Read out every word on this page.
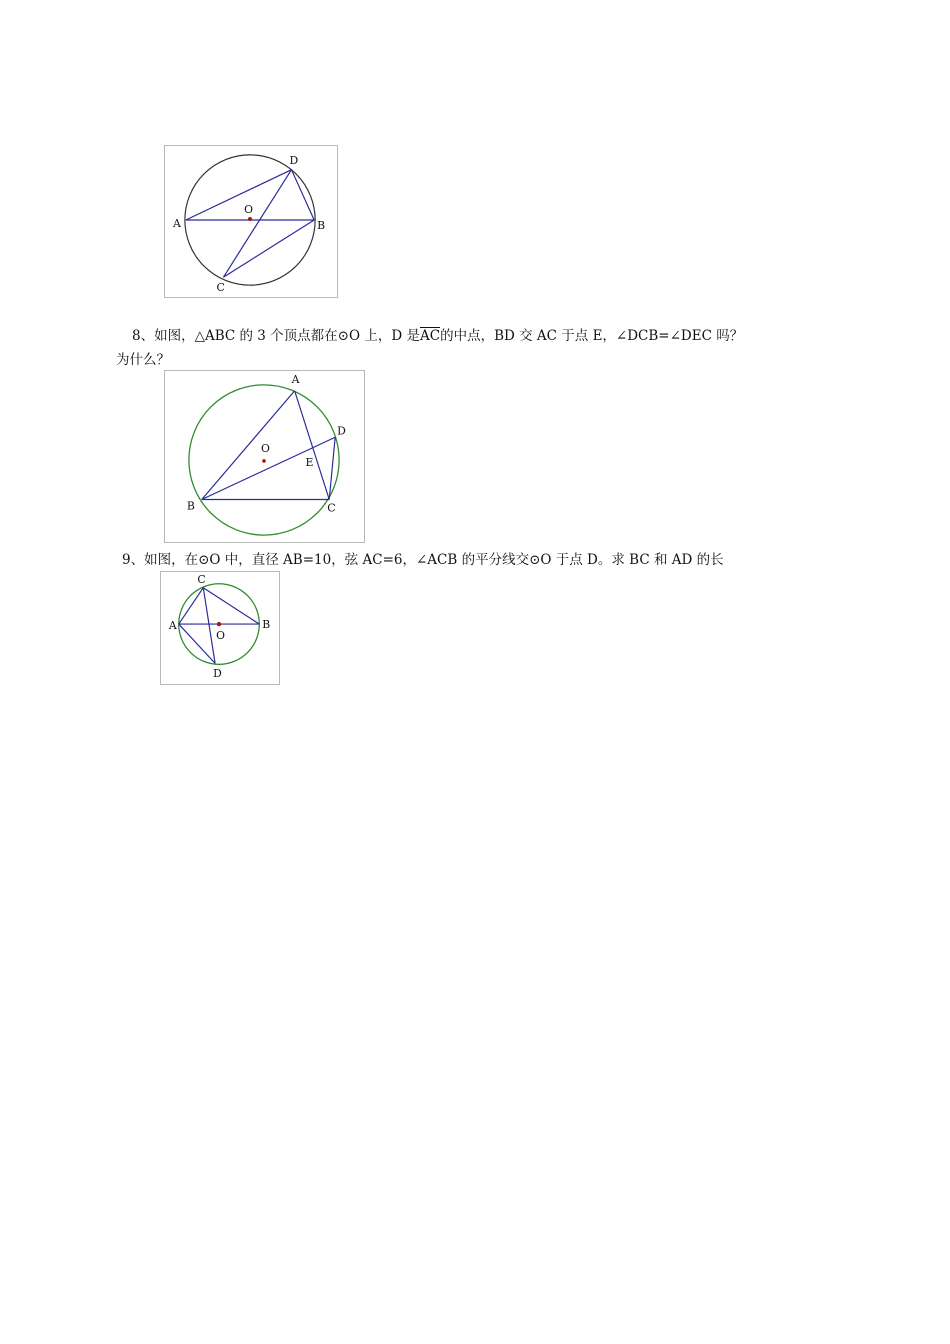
A	B
C
D
O
8、如图，△ABC 的 3 个顶点都在⊙O 上，D 是$\overline{AC}$的中点，BD 交 AC 于点 E，∠DCB=∠DEC 吗？
为什么？
A
B	C
D
E
O
9、如图，在⊙O 中，直径 AB=10，弦 AC=6，∠ACB 的平分线交⊙O 于点 D。求 BC 和 AD 的长
A	B
C
D
O
